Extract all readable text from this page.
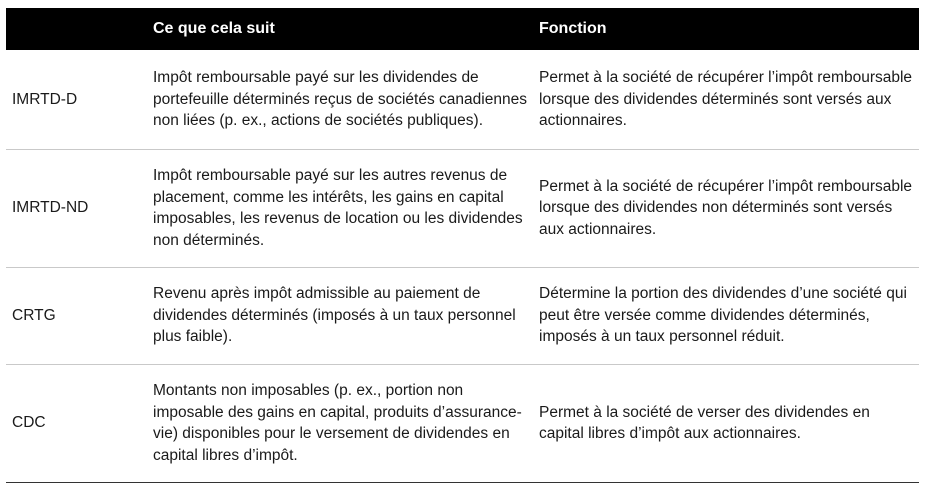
	Ce que cela suit	Fonction
IMRTD-D	Impôt remboursable payé sur les dividendes de portefeuille déterminés reçus de sociétés canadiennes non liées (p. ex., actions de sociétés publiques).	Permet à la société de récupérer l’impôt remboursable lorsque des dividendes déterminés sont versés aux actionnaires.
IMRTD-ND	Impôt remboursable payé sur les autres revenus de placement, comme les intérêts, les gains en capital imposables, les revenus de location ou les dividendes non déterminés.	Permet à la société de récupérer l’impôt remboursable lorsque des dividendes non déterminés sont versés aux actionnaires.
CRTG	Revenu après impôt admissible au paiement de dividendes déterminés (imposés à un taux personnel plus faible).	Détermine la portion des dividendes d’une société qui peut être versée comme dividendes déterminés, imposés à un taux personnel réduit.
CDC	Montants non imposables (p. ex., portion non imposable des gains en capital, produits d’assurance-vie) disponibles pour le versement de dividendes en capital libres d’impôt.	Permet à la société de verser des dividendes en capital libres d’impôt aux actionnaires.
